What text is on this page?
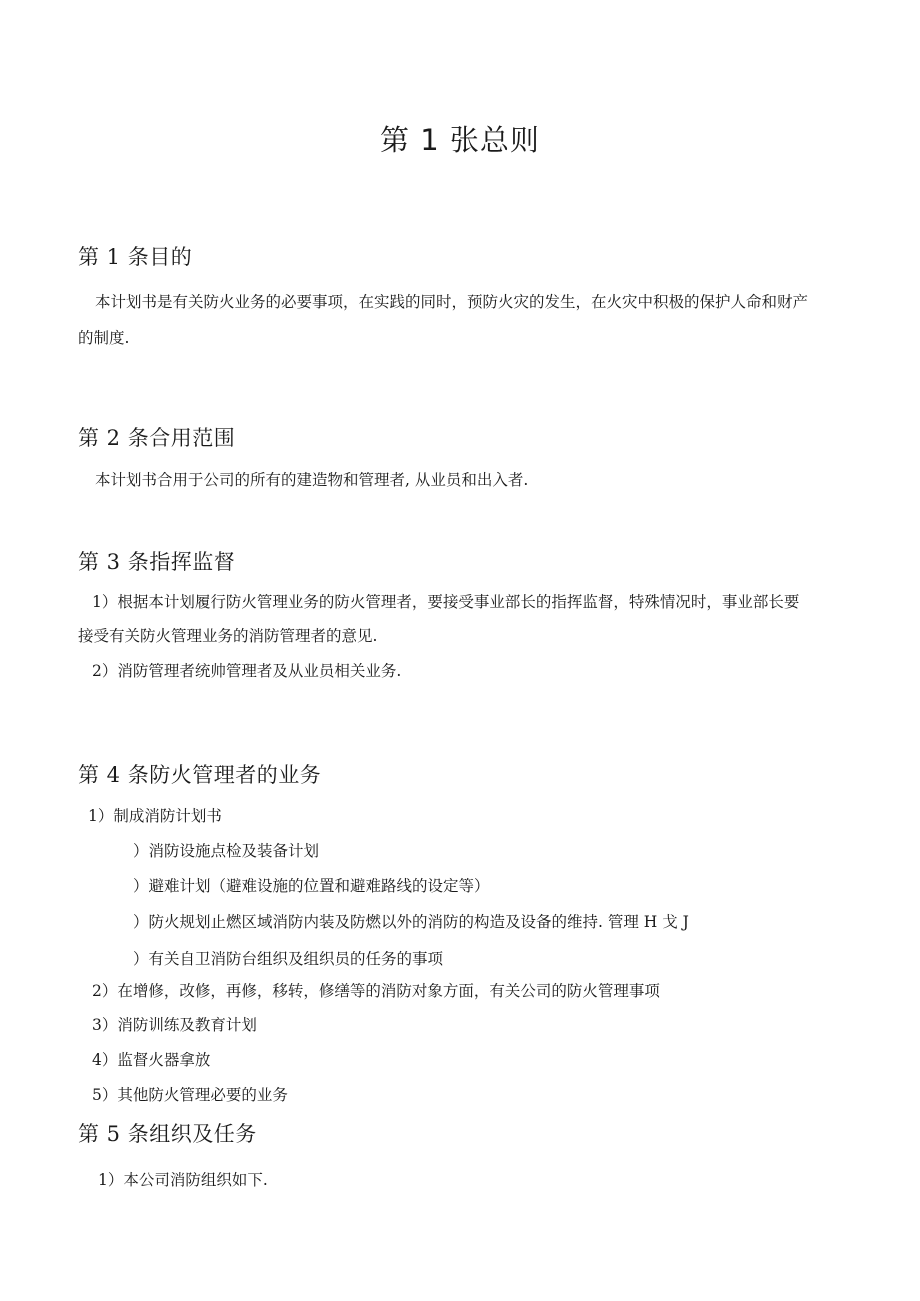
第 1 张总则
第 1 条目的

本计划书是有关防火业务的必要事项，在实践的同时，预防火灾的发生，在火灾中积极的保护人命和财产

的制度.

第 2 条合用范围

本计划书合用于公司的所有的建造物和管理者, 从业员和出入者.

第 3 条指挥监督

1）根据本计划履行防火管理业务的防火管理者，要接受事业部长的指挥监督，特殊情况时，事业部长要

接受有关防火管理业务的消防管理者的意见.

2）消防管理者统帅管理者及从业员相关业务.

第 4 条防火管理者的业务

1）制成消防计划书

）消防设施点检及装备计划

）避难计划（避难设施的位置和避难路线的设定等）

）防火规划止燃区域消防内装及防燃以外的消防的构造及设备的维持. 管理 H 戈 J

）有关自卫消防台组织及组织员的任务的事项

2）在增修，改修，再修，移转，修缮等的消防对象方面，有关公司的防火管理事项

3）消防训练及教育计划

4）监督火器拿放

5）其他防火管理必要的业务

第 5 条组织及任务

1）本公司消防组织如下.
